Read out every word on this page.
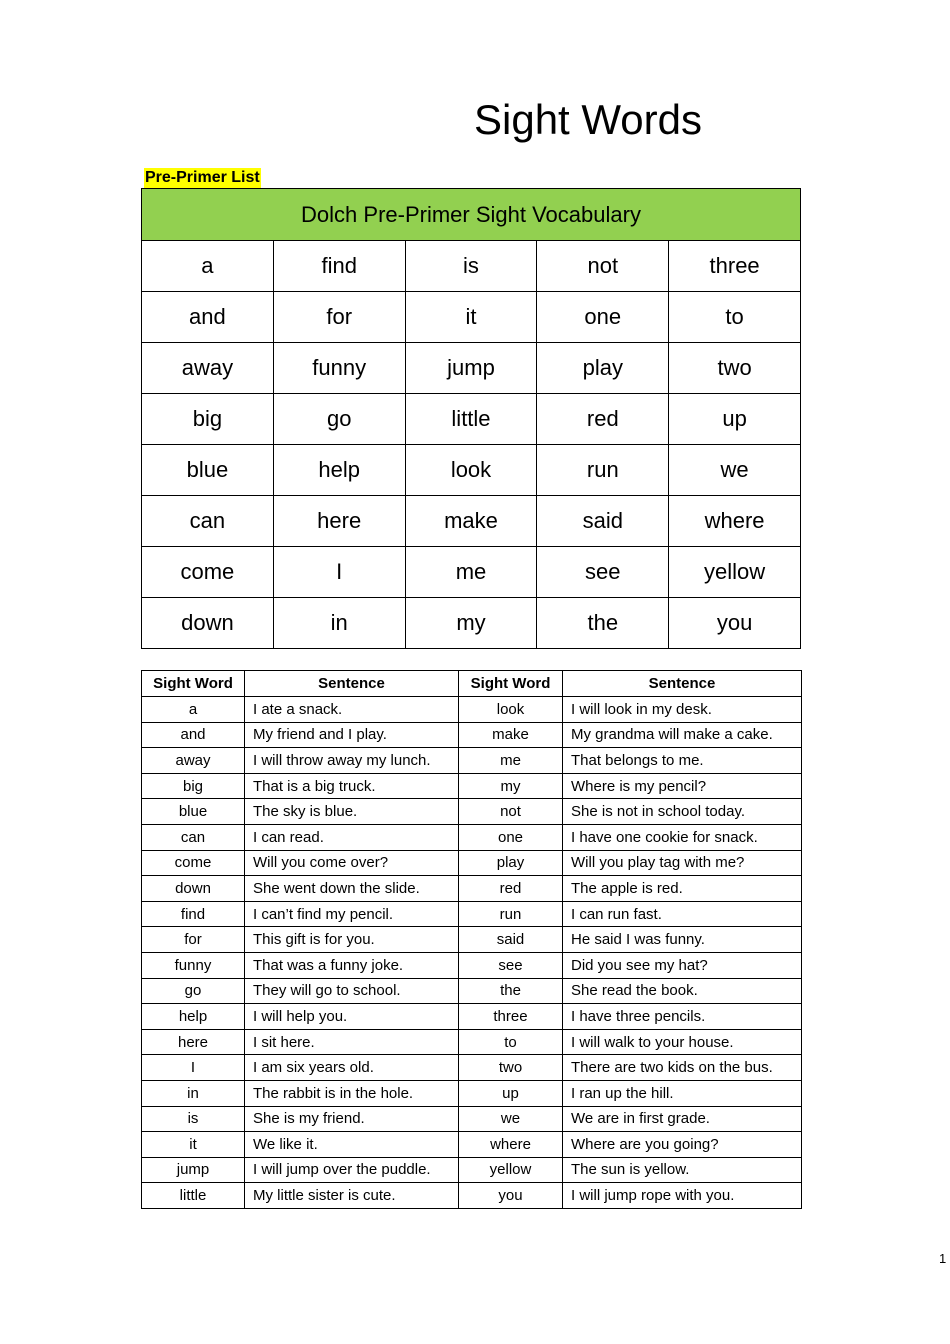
Sight Words
Pre-Primer List
Dolch Pre-Primer Sight Vocabulary				
a	find	is	not	three
and	for	it	one	to
away	funny	jump	play	two
big	go	little	red	up
blue	help	look	run	we
can	here	make	said	where
come	I	me	see	yellow
down	in	my	the	you
Sight Word	Sentence	Sight Word	Sentence
a	I ate a snack.	look	I will look in my desk.
and	My friend and I play.	make	My grandma will make a cake.
away	I will throw away my lunch.	me	That belongs to me.
big	That is a big truck.	my	Where is my pencil?
blue	The sky is blue.	not	She is not in school today.
can	I can read.	one	I have one cookie for snack.
come	Will you come over?	play	Will you play tag with me?
down	She went down the slide.	red	The apple is red.
find	I can’t find my pencil.	run	I can run fast.
for	This gift is for you.	said	He said I was funny.
funny	That was a funny joke.	see	Did you see my hat?
go	They will go to school.	the	She read the book.
help	I will help you.	three	I have three pencils.
here	I sit here.	to	I will walk to your house.
I	I am six years old.	two	There are two kids on the bus.
in	The rabbit is in the hole.	up	I ran up the hill.
is	She is my friend.	we	We are in first grade.
it	We like it.	where	Where are you going?
jump	I will jump over the puddle.	yellow	The sun is yellow.
little	My little sister is cute.	you	I will jump rope with you.
1
